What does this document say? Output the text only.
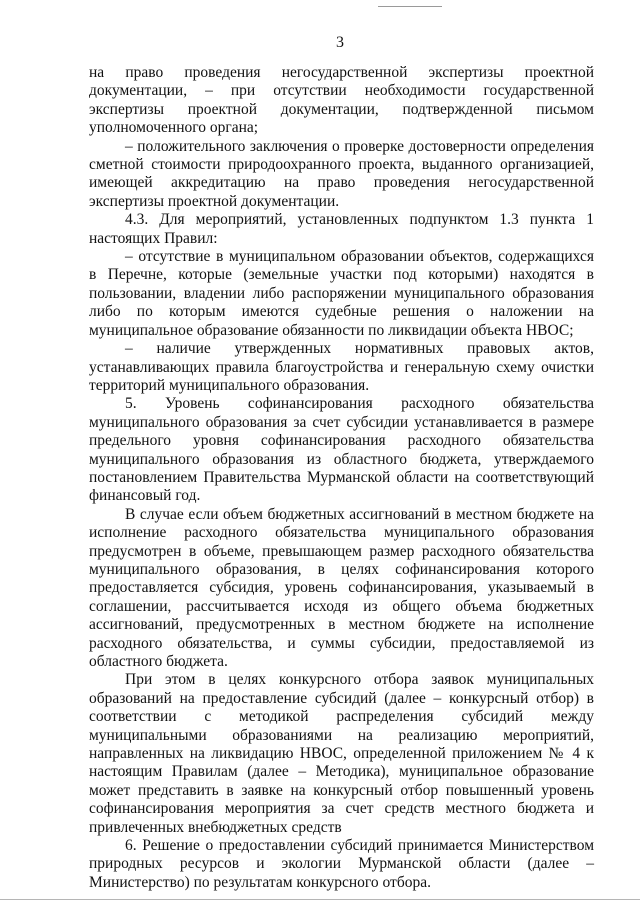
3

на право проведения негосударственной экспертизы проектной документации, – при отсутствии необходимости государственной экспертизы проектной документации, подтвержденной письмом уполномоченного органа;

– положительного заключения о проверке достоверности определения сметной стоимости природоохранного проекта, выданного организацией, имеющей аккредитацию на право проведения негосударственной экспертизы проектной документации.

4.3. Для мероприятий, установленных подпунктом 1.3 пункта 1 настоящих Правил:

– отсутствие в муниципальном образовании объектов, содержащихся в Перечне, которые (земельные участки под которыми) находятся в пользовании, владении либо распоряжении муниципального образования либо по которым имеются судебные решения о наложении на муниципальное образование обязанности по ликвидации объекта НВОС;

– наличие утвержденных нормативных правовых актов, устанавливающих правила благоустройства и генеральную схему очистки территорий муниципального образования.

5. Уровень софинансирования расходного обязательства муниципального образования за счет субсидии устанавливается в размере предельного уровня софинансирования расходного обязательства муниципального образования из областного бюджета, утверждаемого постановлением Правительства Мурманской области на соответствующий финансовый год.

В случае если объем бюджетных ассигнований в местном бюджете на исполнение расходного обязательства муниципального образования предусмотрен в объеме, превышающем размер расходного обязательства муниципального образования, в целях софинансирования которого предоставляется субсидия, уровень софинансирования, указываемый в соглашении, рассчитывается исходя из общего объема бюджетных ассигнований, предусмотренных в местном бюджете на исполнение расходного обязательства, и суммы субсидии, предоставляемой из областного бюджета.

При этом в целях конкурсного отбора заявок муниципальных образований на предоставление субсидий (далее – конкурсный отбор) в соответствии с методикой распределения субсидий между муниципальными образованиями на реализацию мероприятий, направленных на ликвидацию НВОС, определенной приложением № 4 к настоящим Правилам (далее – Методика), муниципальное образование может представить в заявке на конкурсный отбор повышенный уровень софинансирования мероприятия за счет средств местного бюджета и привлеченных внебюджетных средств

6. Решение о предоставлении субсидий принимается Министерством природных ресурсов и экологии Мурманской области (далее – Министерство) по результатам конкурсного отбора.
